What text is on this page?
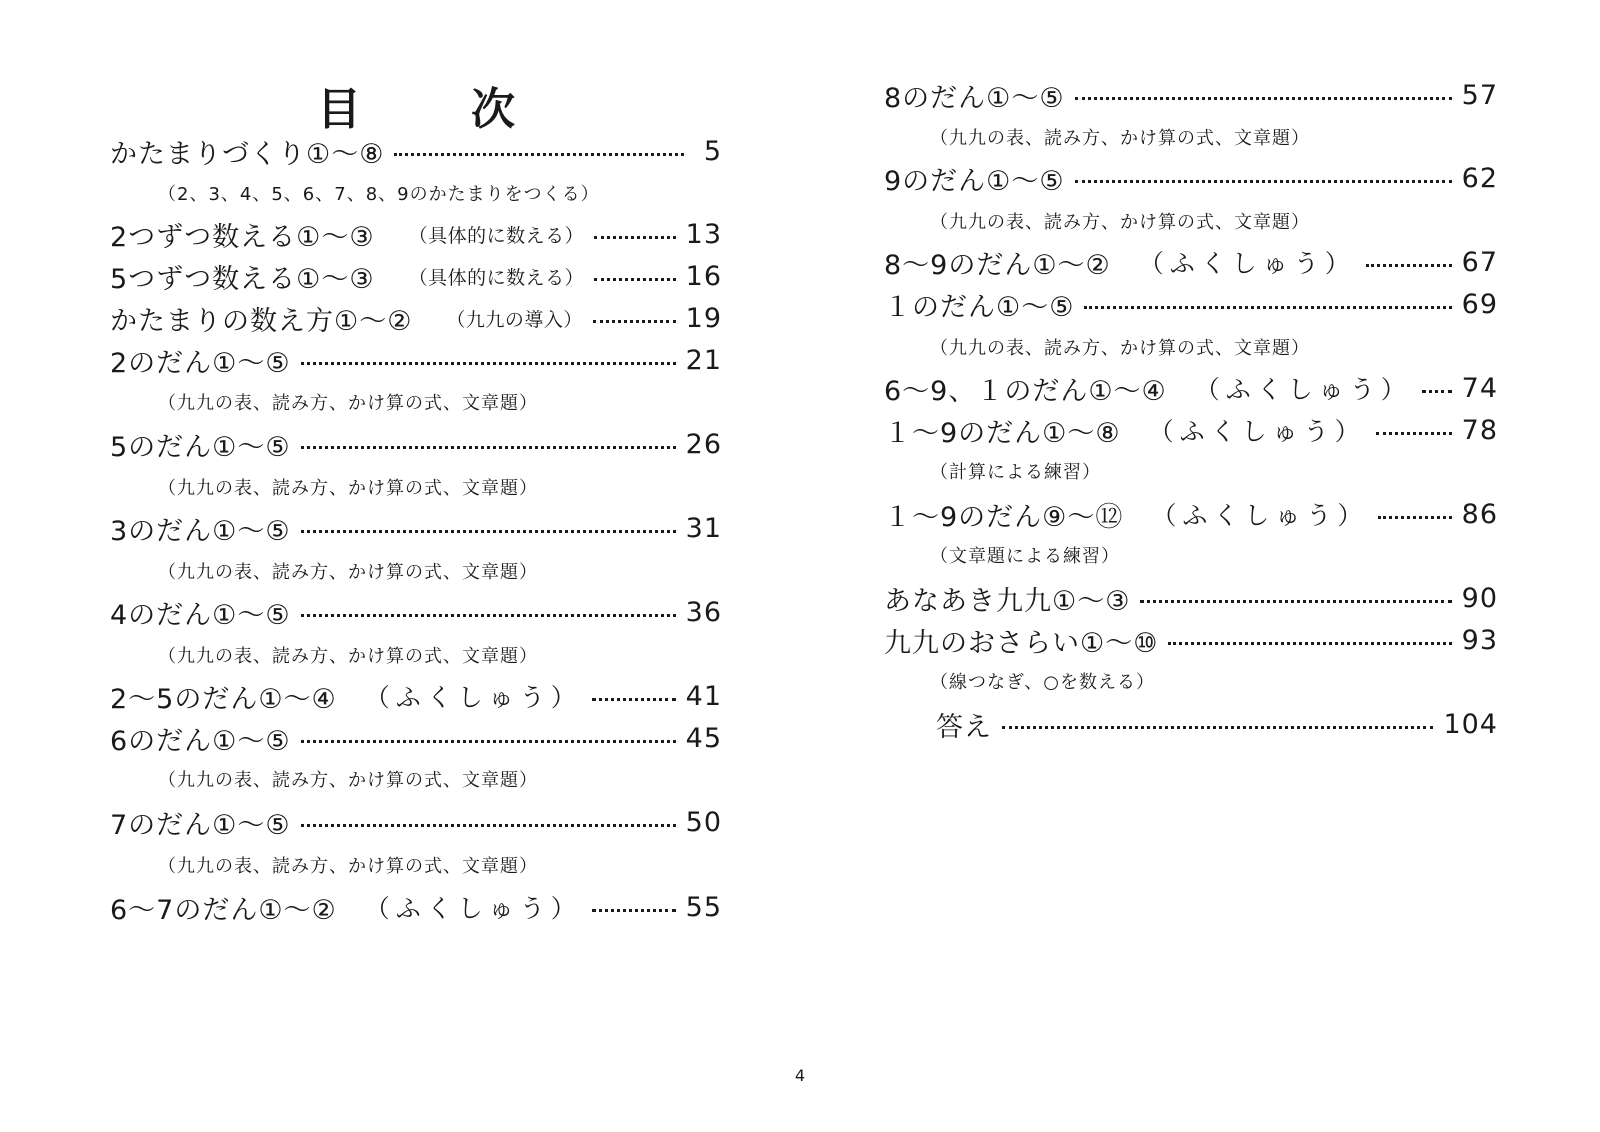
目	次
かたまりづくり①～⑧	5
（2、3、4、5、6、7、8、9のかたまりをつくる）
2つずつ数える①～③ （具体的に数える）	13
5つずつ数える①～③ （具体的に数える）	16
かたまりの数え方①～② （九九の導入）	19
2のだん①～⑤	21
（九九の表、読み方、かけ算の式、文章題）
5のだん①～⑤	26
（九九の表、読み方、かけ算の式、文章題）
3のだん①～⑤	31
（九九の表、読み方、かけ算の式、文章題）
4のだん①～⑤	36
（九九の表、読み方、かけ算の式、文章題）
2～5のだん①～④ （ふくしゅう）	41
6のだん①～⑤	45
（九九の表、読み方、かけ算の式、文章題）
7のだん①～⑤	50
（九九の表、読み方、かけ算の式、文章題）
6～7のだん①～② （ふくしゅう）	55
8のだん①～⑤	57
（九九の表、読み方、かけ算の式、文章題）
9のだん①～⑤	62
（九九の表、読み方、かけ算の式、文章題）
8～9のだん①～② （ふくしゅう）	67
１のだん①～⑤	69
（九九の表、読み方、かけ算の式、文章題）
6～9、１のだん①～④ （ふくしゅう） 74
１～9のだん①～⑧ （ふくしゅう）	78
（計算による練習）
１～9のだん⑨～⑫ （ふくしゅう）	86
（文章題による練習）
あなあき九九①～③	90
九九のおさらい①～⑩	93
（線つなぎ、○を数える）
答え	104
4
